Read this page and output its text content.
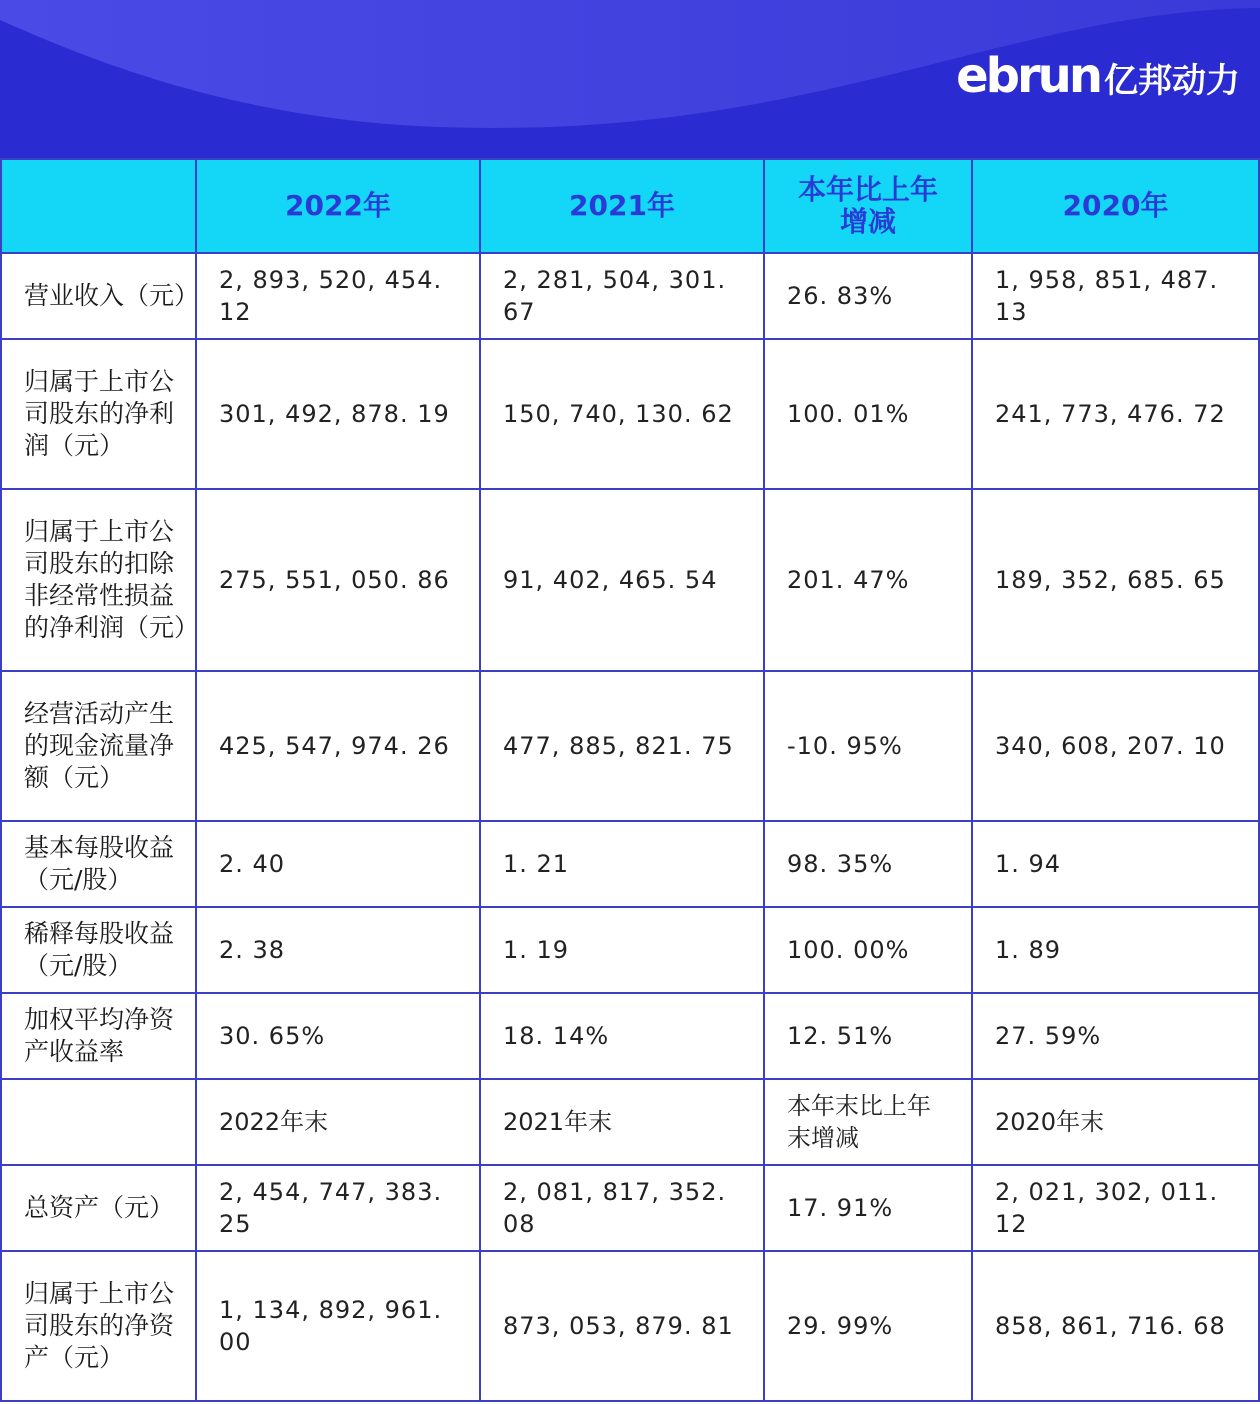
ebrun 亿邦动力
	2022年	2021年	本年比上年增减	2020年
营业收入（元）	2, 893, 520, 454. 12	2, 281, 504, 301. 67	26. 83%	1, 958, 851, 487. 13
归属于上市公司股东的净利润（元）	301, 492, 878. 19	150, 740, 130. 62	100. 01%	241, 773, 476. 72
归属于上市公司股东的扣除非经常性损益的净利润（元）	275, 551, 050. 86	91, 402, 465. 54	201. 47%	189, 352, 685. 65
经营活动产生的现金流量净额（元）	425, 547, 974. 26	477, 885, 821. 75	-10. 95%	340, 608, 207. 10
基本每股收益（元/股）	2. 40	1. 21	98. 35%	1. 94
稀释每股收益（元/股）	2. 38	1. 19	100. 00%	1. 89
加权平均净资产收益率	30. 65%	18. 14%	12. 51%	27. 59%
	2022年末	2021年末	本年末比上年末增减	2020年末
总资产（元）	2, 454, 747, 383. 25	2, 081, 817, 352. 08	17. 91%	2, 021, 302, 011. 12
归属于上市公司股东的净资产（元）	1, 134, 892, 961. 00	873, 053, 879. 81	29. 99%	858, 861, 716. 68
